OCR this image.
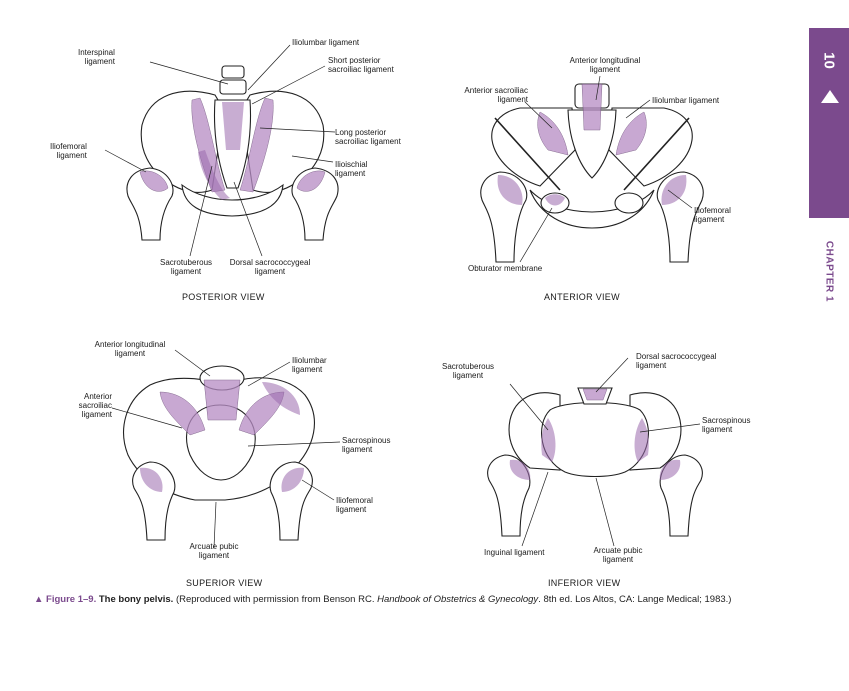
10
CHAPTER 1
Interspinal
ligament
Iliolumbar ligament
Short posterior
sacroiliac ligament
Iliofemoral
ligament
Long posterior
sacroiliac ligament
Ilioischial
ligament
Sacrotuberous
ligament
Dorsal sacrococcygeal
ligament
POSTERIOR VIEW
Anterior longitudinal
ligament
Anterior sacroiliac
ligament	Iliolumbar ligament
Iliofemoral
ligament
Obturator membrane
ANTERIOR VIEW
Anterior longitudinal
ligament
Iliolumbar
ligament
Anterior
sacroiliac
ligament
Sacrospinous
ligament
Iliofemoral
ligament
Arcuate pubic
ligament
SUPERIOR VIEW
Sacrotuberous
ligament
Dorsal sacrococcygeal
ligament
Sacrospinous
ligament
Inguinal ligament	Arcuate pubic
ligament
INFERIOR VIEW
▲ Figure 1–9. The bony pelvis. (Reproduced with permission from Benson RC. Handbook of Obstetrics & Gynecology. 8th ed. Los Altos, CA: Lange Medical; 1983.)
